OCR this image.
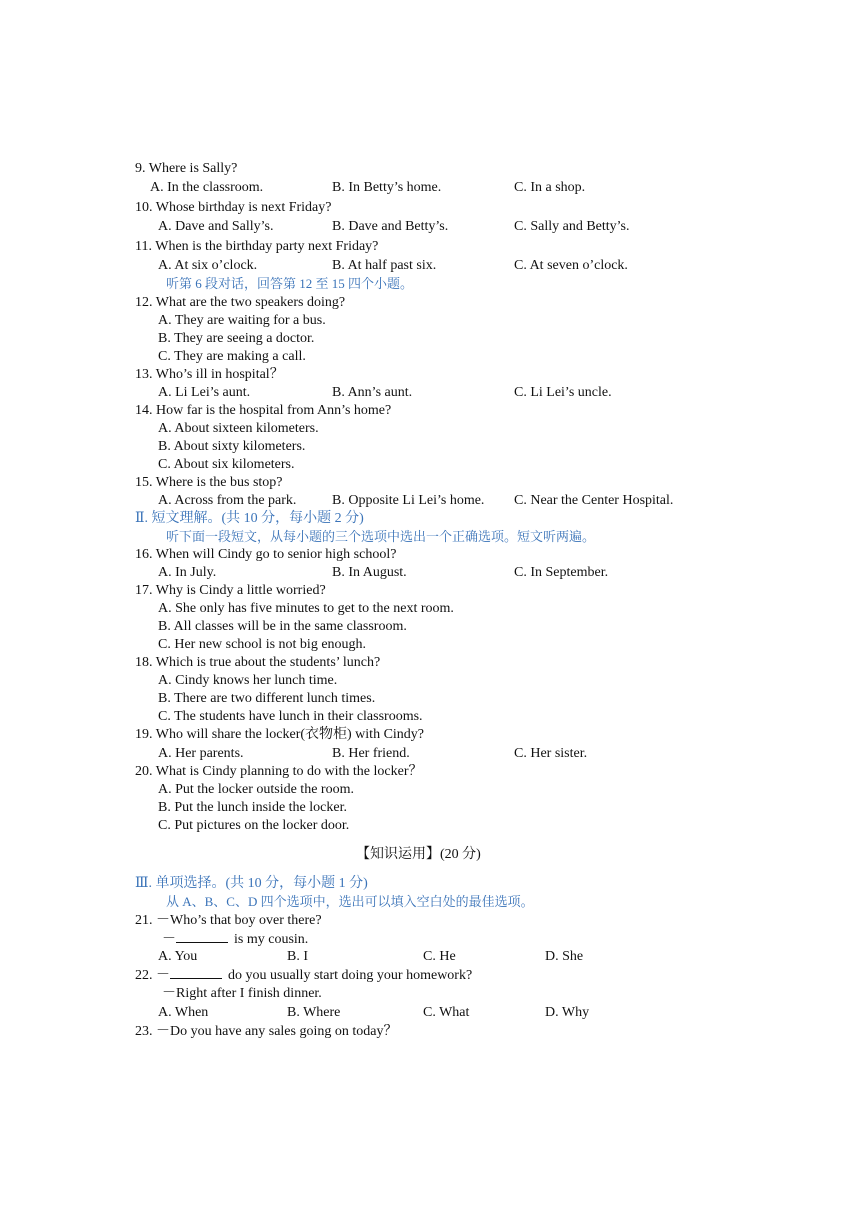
9. Where is Sally?
A. In the classroom.	B. In Betty’s home.	C. In a shop.
10. Whose birthday is next Friday?
A. Dave and Sally’s.	B. Dave and Betty’s.	C. Sally and Betty’s.
11. When is the birthday party next Friday?
A. At six o’clock.	B. At half past six.	C. At seven o’clock.
听第 6 段对话，回答第 12 至 15 四个小题。
12. What are the two speakers doing?
A. They are waiting for a bus.
B. They are seeing a doctor.
C. They are making a call.
13. Who’s ill in hospital？
A. Li Lei’s aunt.	B. Ann’s aunt.	C. Li Lei’s uncle.
14. How far is the hospital from Ann’s home?
A. About sixteen kilometers.
B. About sixty kilometers.
C. About six kilometers.
15. Where is the bus stop?
A. Across from the park.	B. Opposite Li Lei’s home. C. Near the Center Hospital.
Ⅱ. 短文理解。(共 10 分，每小题 2 分)
听下面一段短文，从每小题的三个选项中选出一个正确选项。短文听两遍。
16. When will Cindy go to senior high school?
A. In July.	B. In August.	C. In September.
17. Why is Cindy a little worried?
A. She only has five minutes to get to the next room.
B. All classes will be in the same classroom.
C. Her new school is not big enough.
18. Which is true about the students’ lunch?
A. Cindy knows her lunch time.
B. There are two different lunch times.
C. The students have lunch in their classrooms.
19. Who will share the locker(衣物柜) with Cindy?
A. Her parents.	B. Her friend.	C. Her sister.
20. What is Cindy planning to do with the locker？
A. Put the locker outside the room.
B. Put the lunch inside the locker.
C. Put pictures on the locker door.
【知识运用】(20 分)
Ⅲ. 单项选择。(共 10 分，每小题 1 分)
从 A、B、C、D 四个选项中，选出可以填入空白处的最佳选项。
21. －Who’s that boy over there?
－	is my cousin.
A. You	B. I	C. He	D. She
22. －	do you usually start doing your homework?
－Right after I finish dinner.
A. When	B. Where	C. What	D. Why
23. －Do you have any sales going on today？
